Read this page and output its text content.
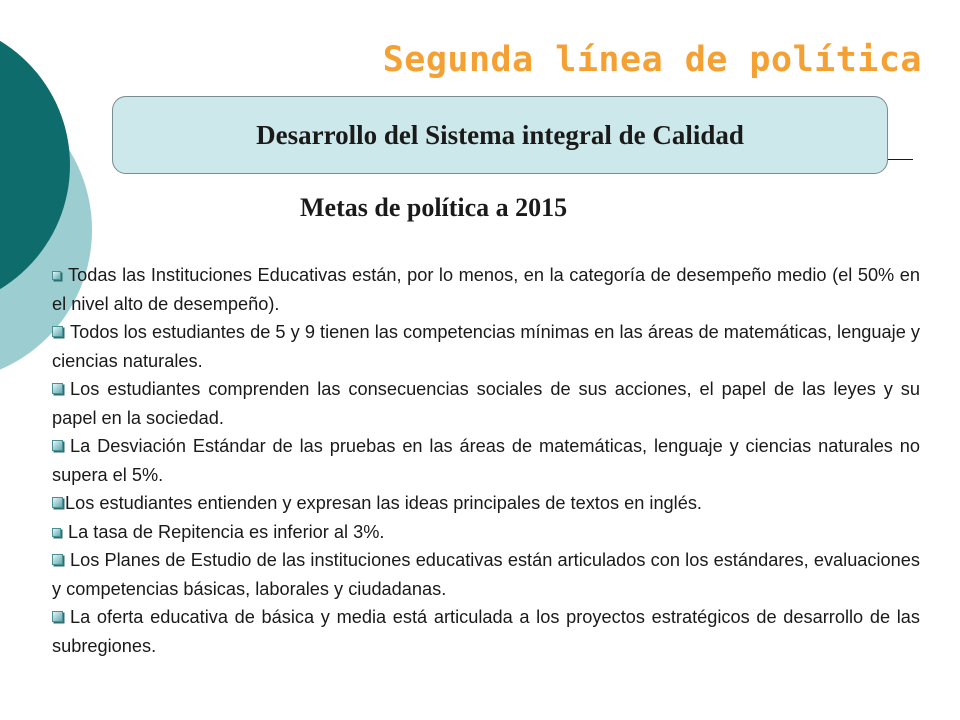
Segunda línea de política
Desarrollo del Sistema integral de Calidad
Metas de política a 2015
Todas las Instituciones Educativas están, por lo menos, en la categoría de desempeño medio (el 50% en el nivel alto de desempeño).
Todos los estudiantes de 5 y 9 tienen las competencias mínimas en las áreas de matemáticas, lenguaje y ciencias naturales.
Los estudiantes comprenden las consecuencias sociales de sus acciones, el papel de las leyes y su papel en la sociedad.
La Desviación Estándar de las pruebas en las áreas de matemáticas, lenguaje y ciencias naturales no supera el 5%.
Los estudiantes entienden y expresan las ideas principales de textos en inglés.
La tasa de Repitencia es inferior al 3%.
Los Planes de Estudio de las instituciones educativas están articulados con los estándares, evaluaciones y competencias básicas, laborales y ciudadanas.
La oferta educativa de básica y media está articulada a los proyectos estratégicos de desarrollo de las subregiones.
